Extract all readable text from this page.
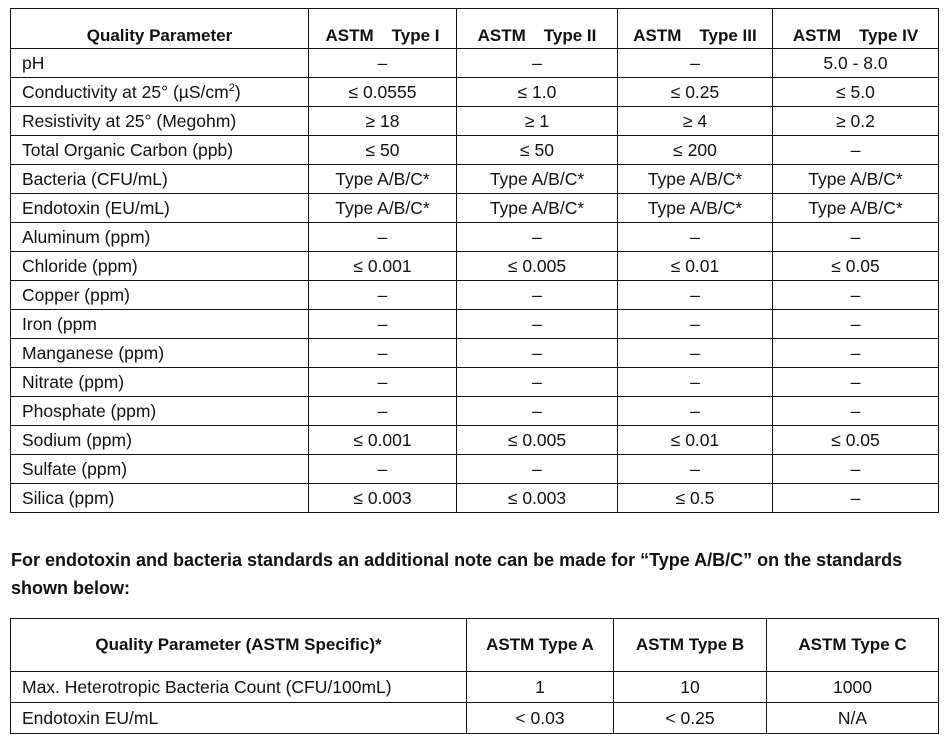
Quality Parameter	ASTM Type I	ASTM Type II	ASTM Type III	ASTM Type IV
pH	–	–	–	5.0 - 8.0
Conductivity at 25° $(\mu S/cm^2)$	≤ 0.0555	≤ 1.0	≤ 0.25	≤ 5.0
Resistivity at 25° (Megohm)	≥ 18	≥ 1	≥ 4	≥ 0.2
Total Organic Carbon (ppb)	≤ 50	≤ 50	≤ 200	–
Bacteria (CFU/mL)	Type A/B/C*	Type A/B/C*	Type A/B/C*	Type A/B/C*
Endotoxin (EU/mL)	Type A/B/C*	Type A/B/C*	Type A/B/C*	Type A/B/C*
Aluminum (ppm)	–	–	–	–
Chloride (ppm)	≤ 0.001	≤ 0.005	≤ 0.01	≤ 0.05
Copper (ppm)	–	–	–	–
Iron (ppm	–	–	–	–
Manganese (ppm)	–	–	–	–
Nitrate (ppm)	–	–	–	–
Phosphate (ppm)	–	–	–	–
Sodium (ppm)	≤ 0.001	≤ 0.005	≤ 0.01	≤ 0.05
Sulfate (ppm)	–	–	–	–
Silica (ppm)	≤ 0.003	≤ 0.003	≤ 0.5	–

For endotoxin and bacteria standards an additional note can be made for “Type A/B/C” on the standards shown below:

Quality Parameter (ASTM Specific)*	ASTM Type A	ASTM Type B	ASTM Type C
Max. Heterotropic Bacteria Count (CFU/100mL)	1	10	1000
Endotoxin EU/mL	< 0.03	< 0.25	N/A
